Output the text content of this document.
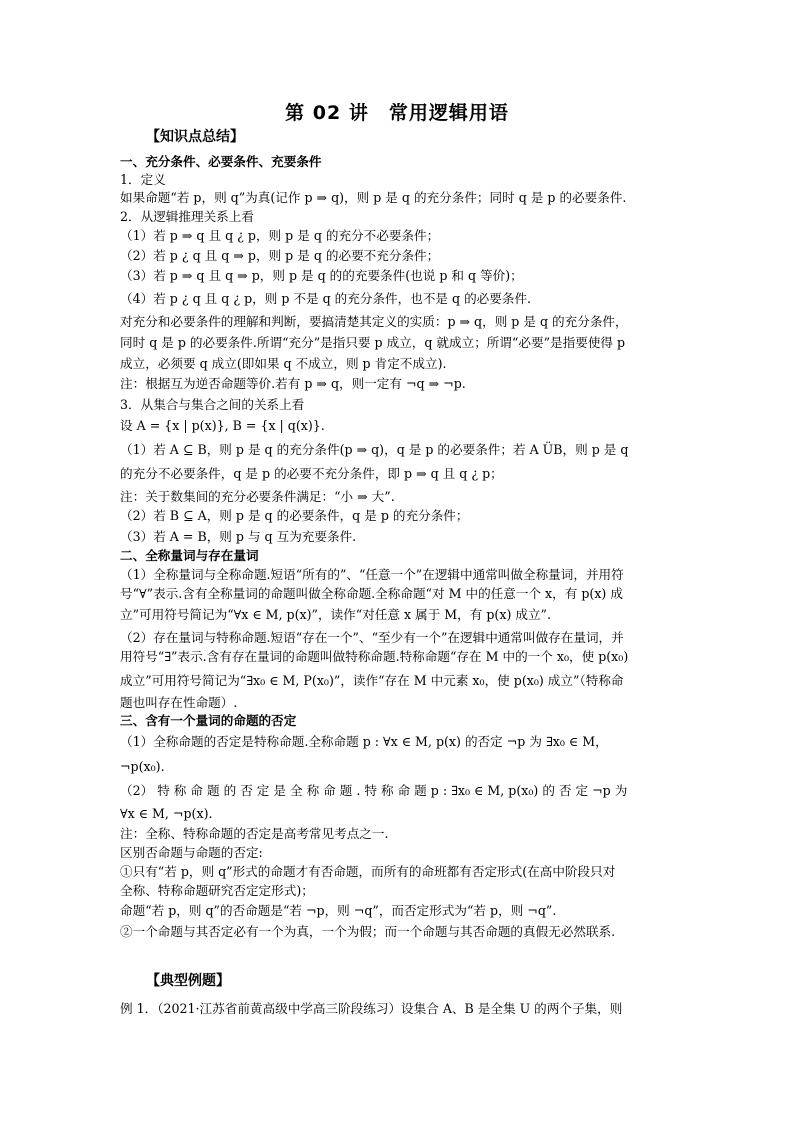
第 02 讲　常用逻辑用语
【知识点总结】
一、充分条件、必要条件、充要条件
1．定义
如果命题“若 p，则 q”为真(记作 p ⇒ q)，则 p 是 q 的充分条件；同时 q 是 p 的必要条件.
2．从逻辑推理关系上看
（1）若 p ⇒ q 且 q ¿ p，则 p 是 q 的充分不必要条件；
（2）若 p ¿ q 且 q ⇒ p，则 p 是 q 的必要不充分条件；
（3）若 p ⇒ q 且 q ⇒ p，则 p 是 q 的的充要条件(也说 p 和 q 等价)；
（4）若 p ¿ q 且 q ¿ p，则 p 不是 q 的充分条件，也不是 q 的必要条件.
对充分和必要条件的理解和判断，要搞清楚其定义的实质：p ⇒ q，则 p 是 q 的充分条件，
同时 q 是 p 的必要条件.所谓“充分”是指只要 p 成立，q 就成立；所谓“必要”是指要使得 p
成立，必须要 q 成立(即如果 q 不成立，则 p 肯定不成立).
注：根据互为逆否命题等价.若有 p ⇒ q，则一定有 ¬q ⇒ ¬p.
3．从集合与集合之间的关系上看
设 A = {x | p(x)}, B = {x | q(x)}.
（1）若 A ⊆ B，则 p 是 q 的充分条件(p ⇒ q)，q 是 p 的必要条件；若 A ÜB，则 p 是 q
的充分不必要条件，q 是 p 的必要不充分条件，即 p ⇒ q 且 q ¿ p；
注：关于数集间的充分必要条件满足：“小 ⇒ 大”.
（2）若 B ⊆ A，则 p 是 q 的必要条件，q 是 p 的充分条件；
（3）若 A = B，则 p 与 q 互为充要条件.
二、全称量词与存在量词
（1）全称量词与全称命题.短语“所有的”、“任意一个”在逻辑中通常叫做全称量词，并用符
号“∀”表示.含有全称量词的命题叫做全称命题.全称命题“对 M 中的任意一个 x，有 p(x) 成
立”可用符号简记为“∀x ∈ M, p(x)”，读作“对任意 x 属于 M，有 p(x) 成立”.
（2）存在量词与特称命题.短语“存在一个”、“至少有一个”在逻辑中通常叫做存在量词，并
用符号“∃”表示.含有存在量词的命题叫做特称命题.特称命题“存在 M 中的一个 x₀，使 p(x₀)
成立”可用符号简记为“∃x₀ ∈ M, P(x₀)”，读作“存在 M 中元素 x₀，使 p(x₀) 成立”（特称命
题也叫存在性命题）.
三、含有一个量词的命题的否定
（1）全称命题的否定是特称命题.全称命题 p : ∀x ∈ M, p(x) 的否定 ¬p 为 ∃x₀ ∈ M，
¬p(x₀).
（2） 特 称 命 题 的 否 定 是 全 称 命 题 . 特 称 命 题 p : ∃x₀ ∈ M, p(x₀) 的 否 定 ¬p 为
∀x ∈ M, ¬p(x).
注：全称、特称命题的否定是高考常见考点之一.
区别否命题与命题的否定:
①只有“若 p，则 q”形式的命题才有否命题，而所有的命班都有否定形式(在高中阶段只对
全称、特称命题研究否定定形式)；
命题“若 p，则 q”的否命题是“若 ¬p，则 ¬q”，而否定形式为“若 p，则 ¬q”.
②一个命题与其否定必有一个为真，一个为假；而一个命题与其否命题的真假无必然联系.
【典型例题】
例 1．（2021·江苏省前黄高级中学高三阶段练习）设集合 A、B 是全集 U 的两个子集，则
